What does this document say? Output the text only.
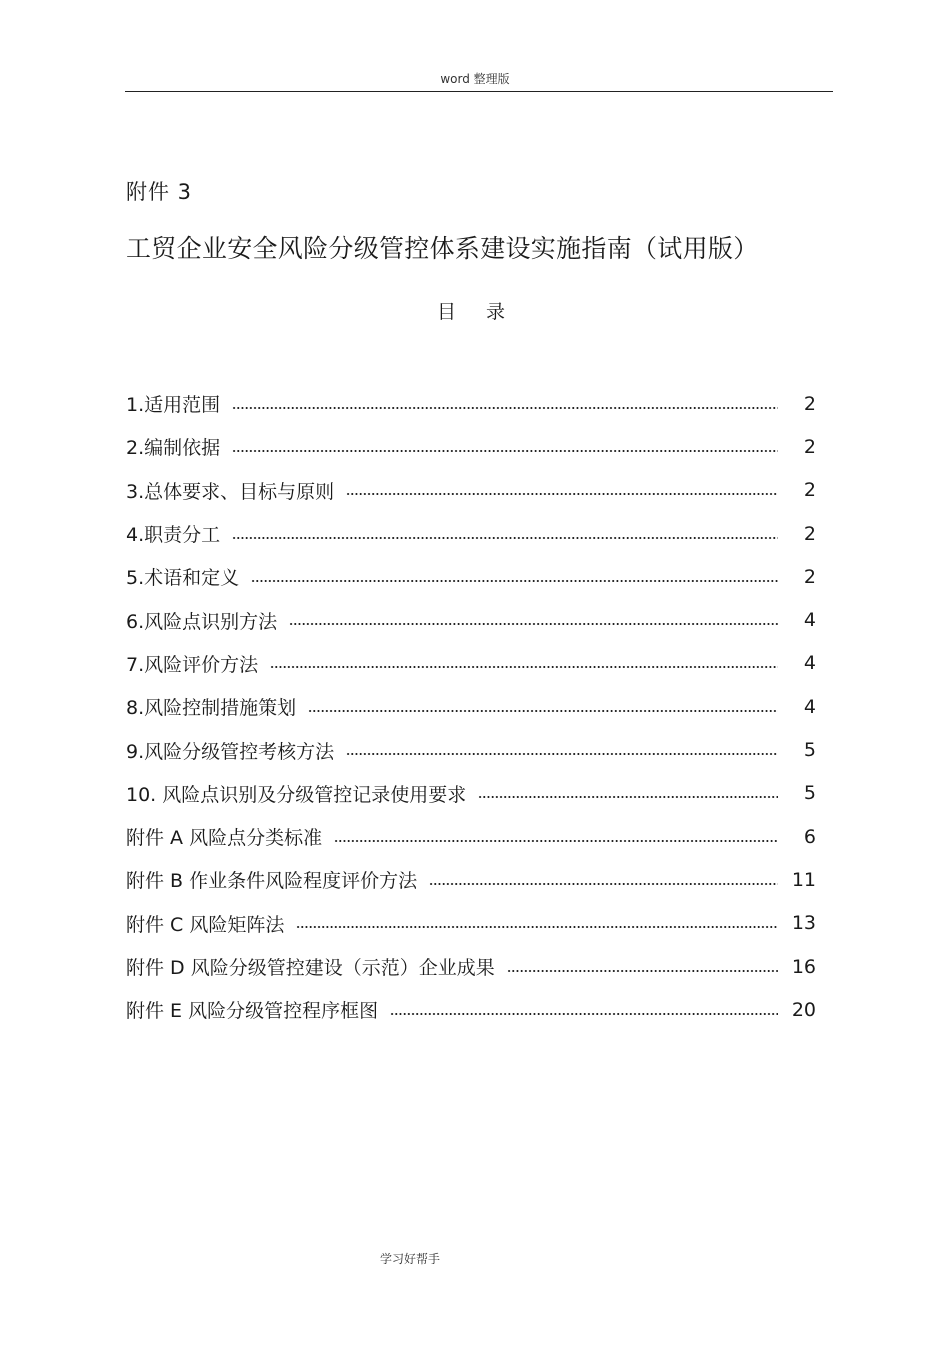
word 整理版
附件 3
工贸企业安全风险分级管控体系建设实施指南（试用版）
目录
1.适用范围	2
2.编制依据	2
3.总体要求、目标与原则	2
4.职责分工	2
5.术语和定义	2
6.风险点识别方法	4
7.风险评价方法	4
8.风险控制措施策划	4
9.风险分级管控考核方法	5
10. 风险点识别及分级管控记录使用要求	5
附件 A 风险点分类标准	6
附件 B 作业条件风险程度评价方法	11
附件 C 风险矩阵法	13
附件 D 风险分级管控建设（示范）企业成果	16
附件 E 风险分级管控程序框图	20
学习好帮手
